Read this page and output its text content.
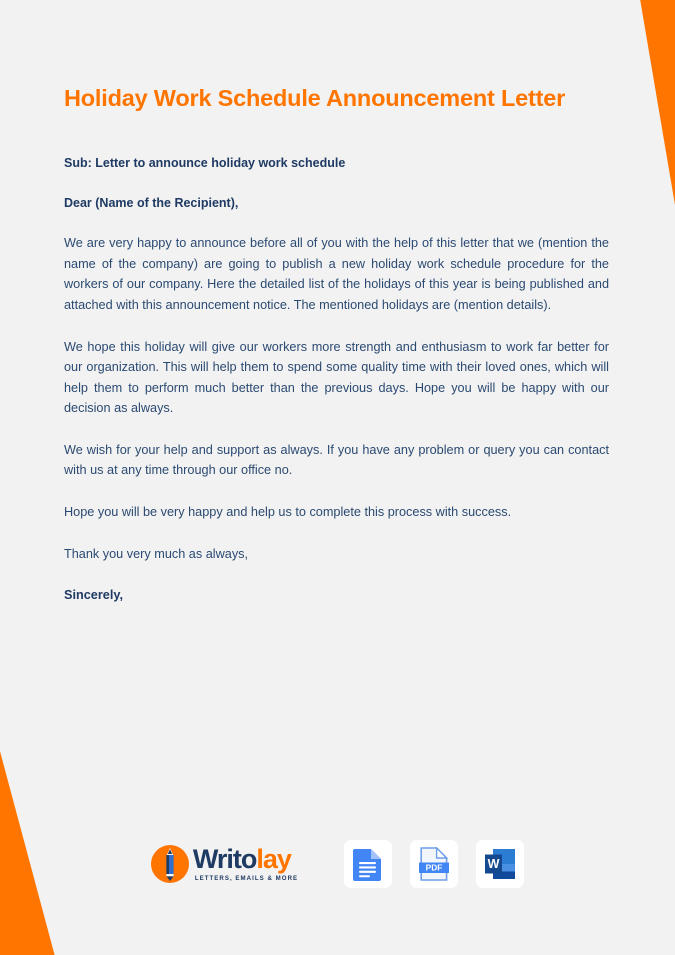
Holiday Work Schedule Announcement Letter

Sub: Letter to announce holiday work schedule

Dear (Name of the Recipient),

We are very happy to announce before all of you with the help of this letter that we (mention the name of the company) are going to publish a new holiday work schedule procedure for the workers of our company. Here the detailed list of the holidays of this year is being published and attached with this announcement notice. The mentioned holidays are (mention details).

We hope this holiday will give our workers more strength and enthusiasm to work far better for our organization. This will help them to spend some quality time with their loved ones, which will help them to perform much better than the previous days. Hope you will be happy with our decision as always.

We wish for your help and support as always. If you have any problem or query you can contact with us at any time through our office no.

Hope you will be very happy and help us to complete this process with success.

Thank you very much as always,

Sincerely,

Writolay
LETTERS, EMAILS & MORE
PDF	W
